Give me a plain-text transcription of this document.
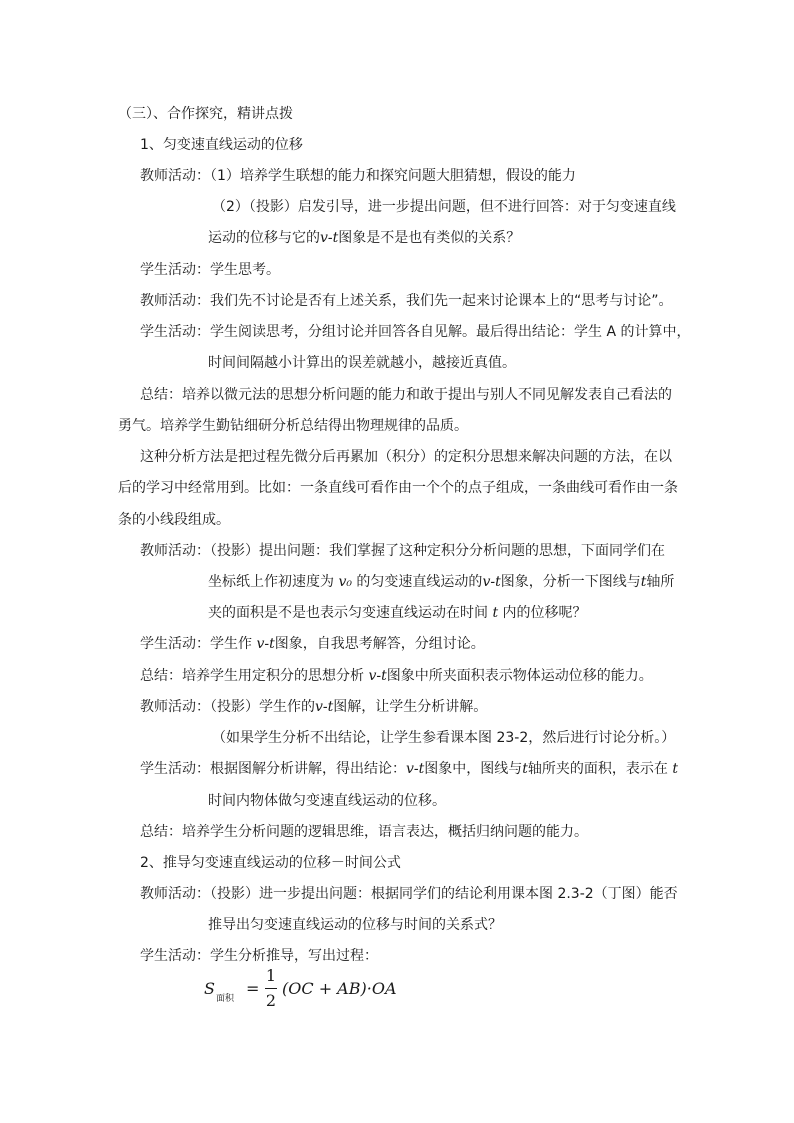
（三）、合作探究，精讲点拨
1、匀变速直线运动的位移
教师活动：（1）培养学生联想的能力和探究问题大胆猜想，假设的能力
（2）（投影）启发引导，进一步提出问题，但不进行回答：对于匀变速直线
运动的位移与它的v-t图象是不是也有类似的关系？
学生活动：学生思考。
教师活动：我们先不讨论是否有上述关系，我们先一起来讨论课本上的“思考与讨论”。
学生活动：学生阅读思考，分组讨论并回答各自见解。最后得出结论：学生 A 的计算中，
时间间隔越小计算出的误差就越小，越接近真值。
总结：培养以微元法的思想分析问题的能力和敢于提出与别人不同见解发表自己看法的
勇气。培养学生勤钻细研分析总结得出物理规律的品质。
这种分析方法是把过程先微分后再累加（积分）的定积分思想来解决问题的方法，在以
后的学习中经常用到。比如：一条直线可看作由一个个的点子组成，一条曲线可看作由一条
条的小线段组成。
教师活动：（投影）提出问题：我们掌握了这种定积分分析问题的思想，下面同学们在
坐标纸上作初速度为 v₀ 的匀变速直线运动的v-t图象，分析一下图线与t轴所
夹的面积是不是也表示匀变速直线运动在时间 t 内的位移呢？
学生活动：学生作 v-t图象，自我思考解答，分组讨论。
总结：培养学生用定积分的思想分析 v-t图象中所夹面积表示物体运动位移的能力。
教师活动：（投影）学生作的v-t图解，让学生分析讲解。
（如果学生分析不出结论，让学生参看课本图 23-2，然后进行讨论分析。）
学生活动：根据图解分析讲解，得出结论：v-t图象中，图线与t轴所夹的面积，表示在 t
时间内物体做匀变速直线运动的位移。
总结：培养学生分析问题的逻辑思维，语言表达，概括归纳问题的能力。
2、推导匀变速直线运动的位移－时间公式
教师活动：（投影）进一步提出问题：根据同学们的结论利用课本图 2.3-2（丁图）能否
推导出匀变速直线运动的位移与时间的关系式？
学生活动：学生分析推导，写出过程：
S
面积
=
1
2
(OC + AB)·OA
